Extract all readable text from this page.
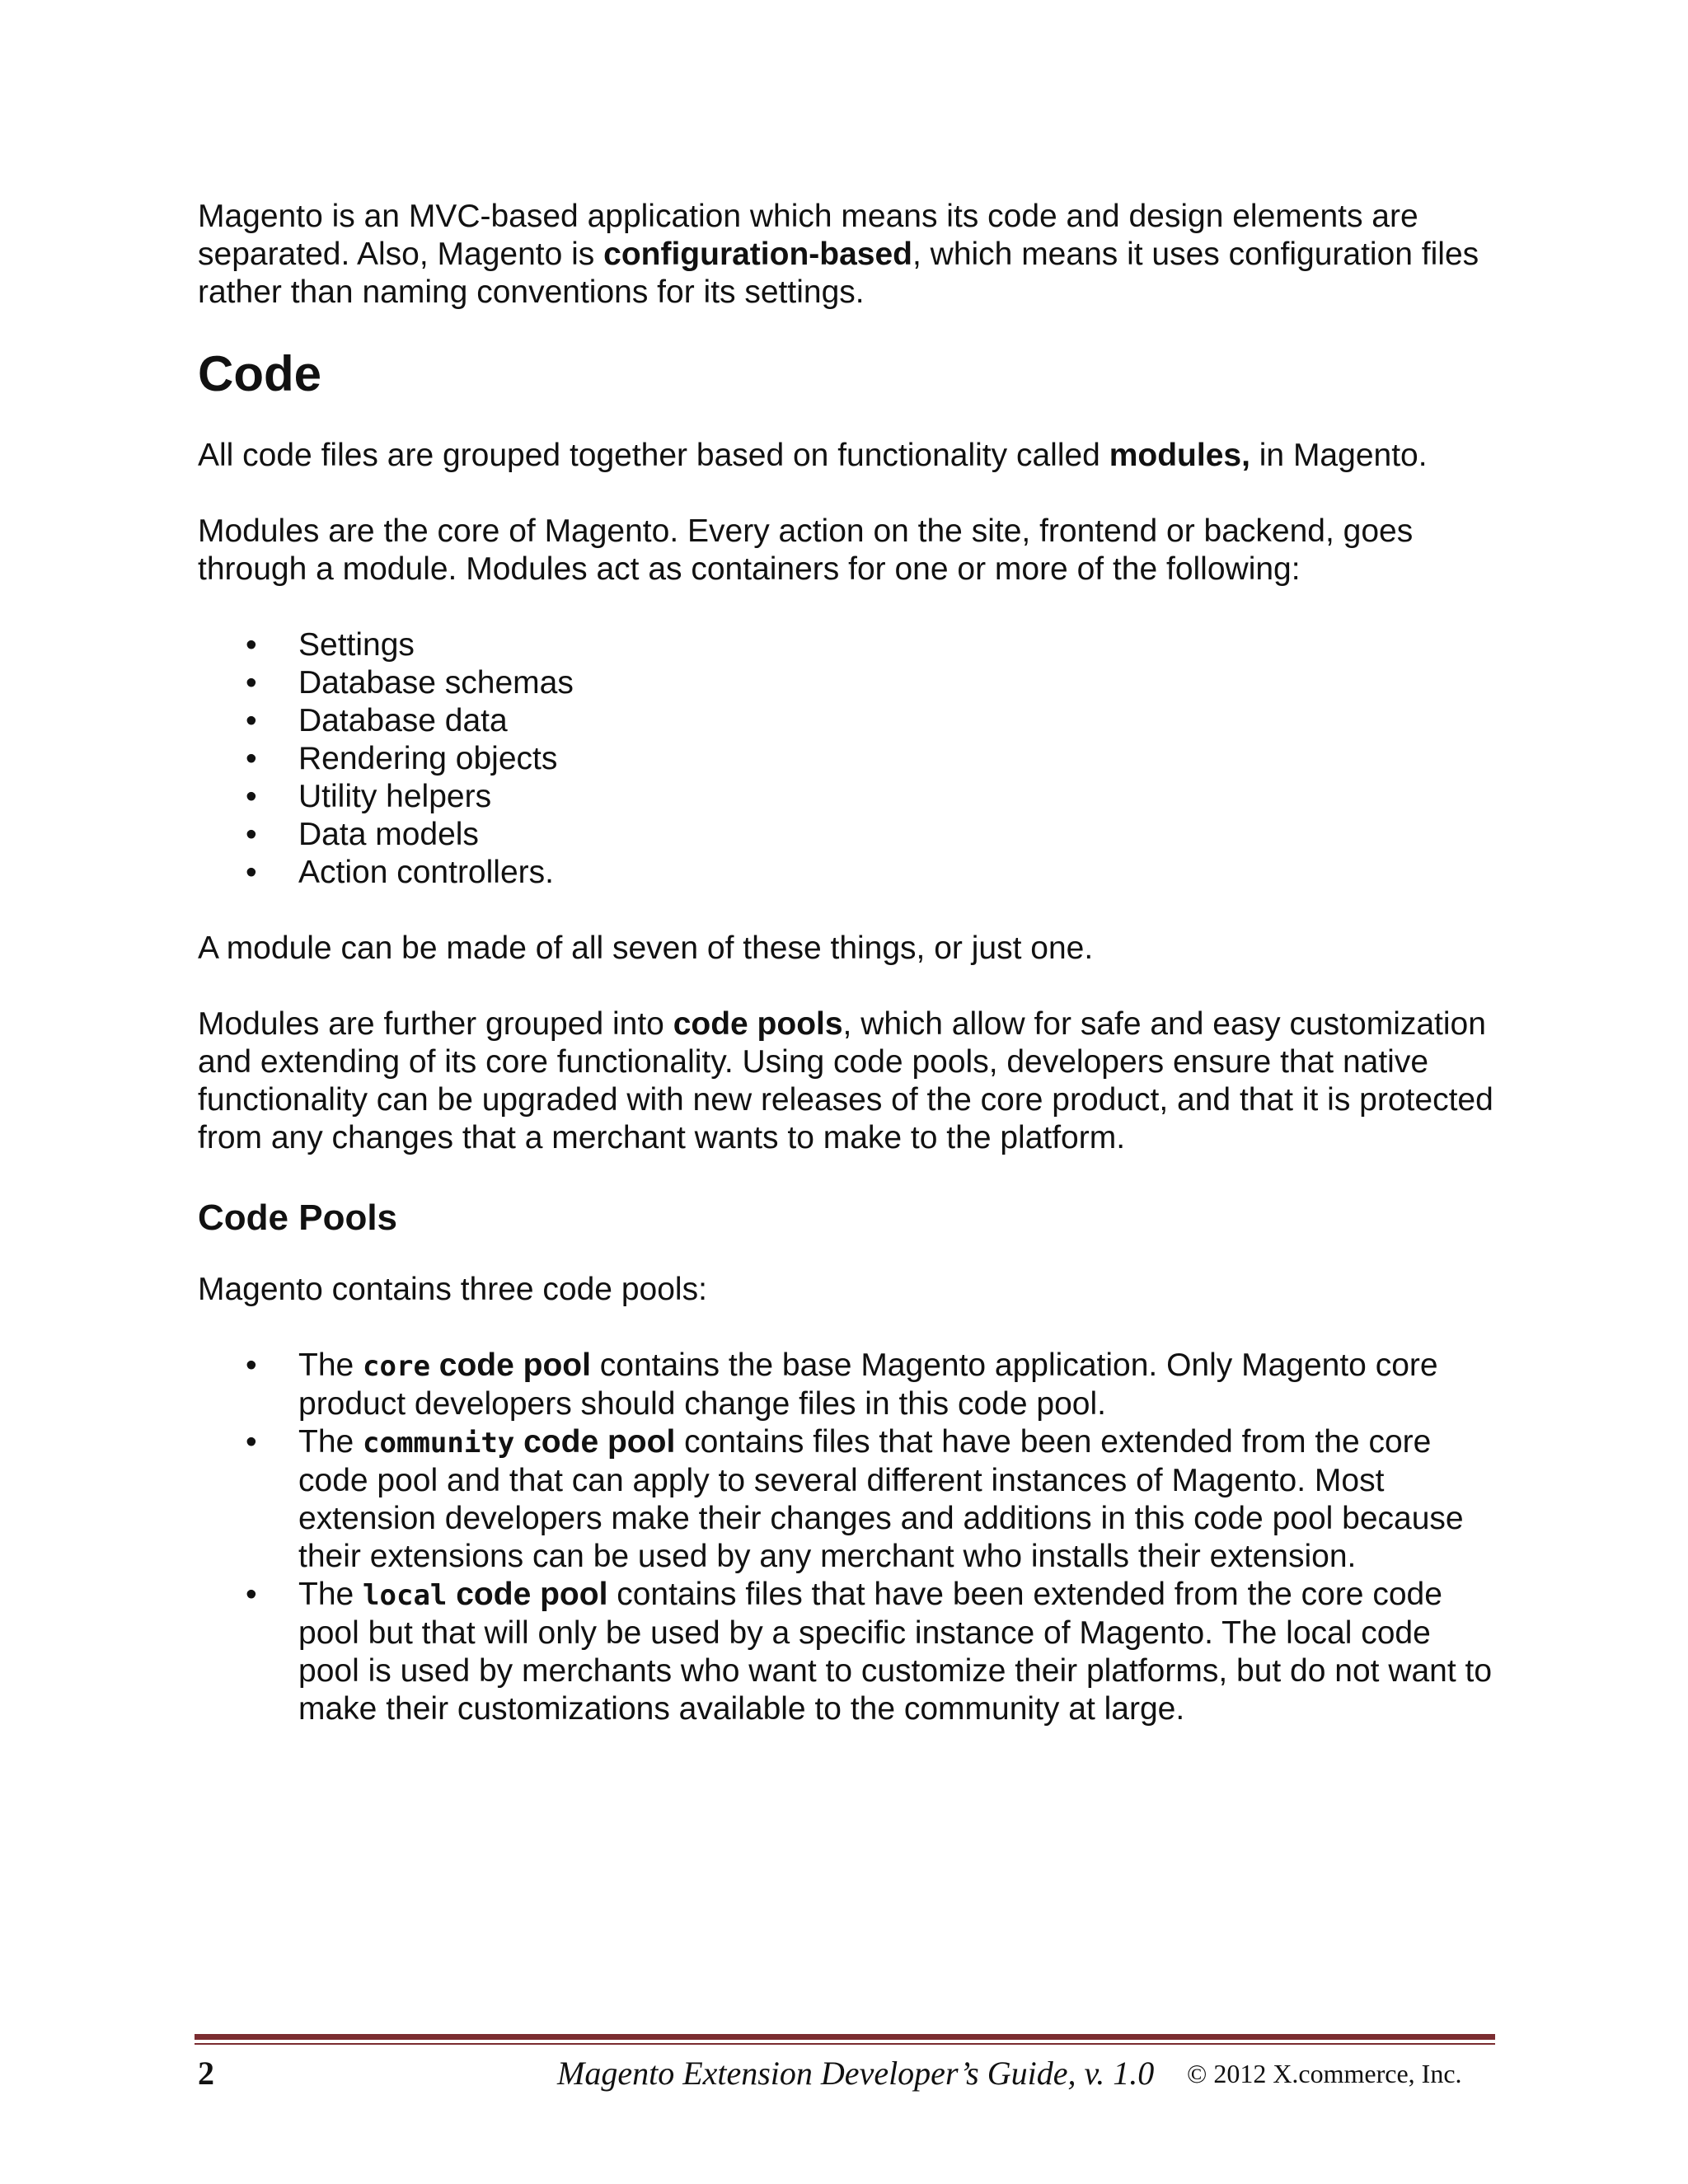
Magento is an MVC-based application which means its code and design elements are separated. Also, Magento is configuration-based, which means it uses configuration files rather than naming conventions for its settings.

Code

All code files are grouped together based on functionality called modules, in Magento.

Modules are the core of Magento. Every action on the site, frontend or backend, goes through a module. Modules act as containers for one or more of the following:

• Settings
• Database schemas
• Database data
• Rendering objects
• Utility helpers
• Data models
• Action controllers.

A module can be made of all seven of these things, or just one.

Modules are further grouped into code pools, which allow for safe and easy customization and extending of its core functionality. Using code pools, developers ensure that native functionality can be upgraded with new releases of the core product, and that it is protected from any changes that a merchant wants to make to the platform.

Code Pools

Magento contains three code pools:

• The core code pool contains the base Magento application. Only Magento core product developers should change files in this code pool.
• The community code pool contains files that have been extended from the core code pool and that can apply to several different instances of Magento. Most extension developers make their changes and additions in this code pool because their extensions can be used by any merchant who installs their extension.
• The local code pool contains files that have been extended from the core code pool but that will only be used by a specific instance of Magento. The local code pool is used by merchants who want to customize their platforms, but do not want to make their customizations available to the community at large.
2	Magento Extension Developer’s Guide, v. 1.0 © 2012 X.commerce, Inc.
